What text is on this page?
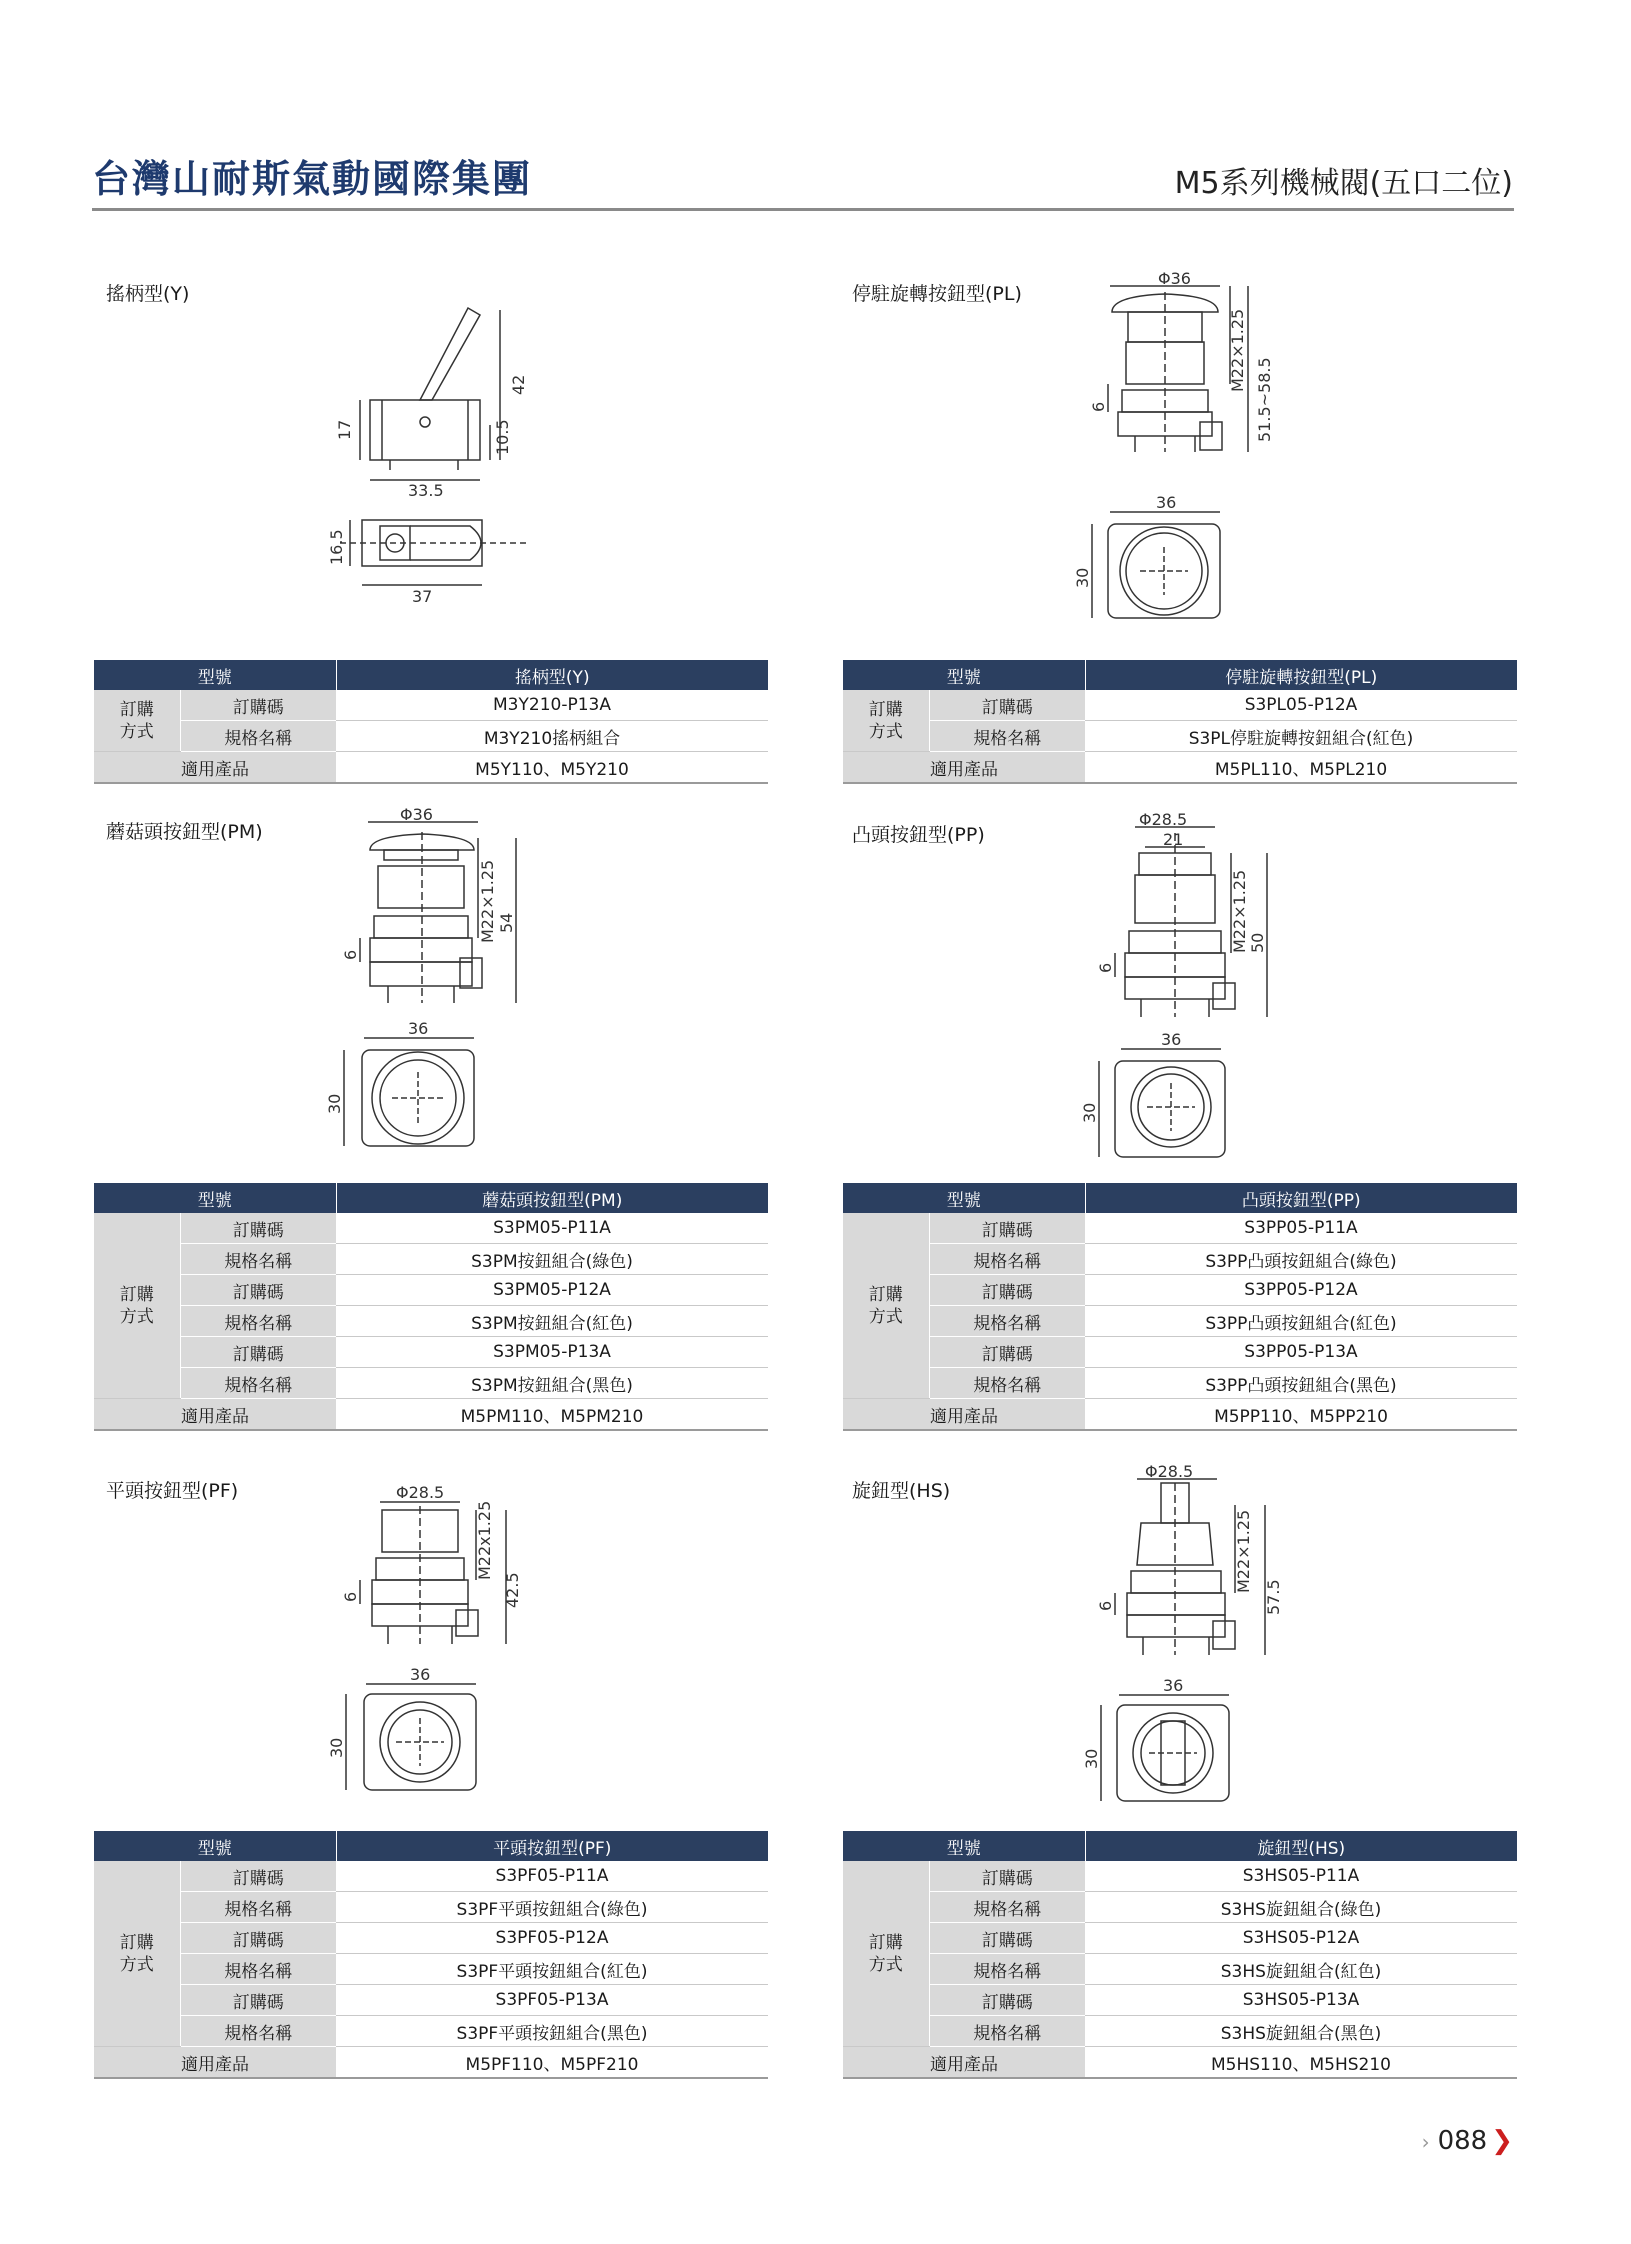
台灣山耐斯氣動國際集團	M5系列機械閥(五口二位)
搖柄型(Y)
17
42
10.5
33.5
16.5
37
型號		搖柄型(Y)
訂購
方式	訂購碼	M3Y210-P13A
	規格名稱	M3Y210搖柄組合
適用產品		M5Y110、M5Y210
停駐旋轉按鈕型(PL)
Φ36
M22×1.25
51.5~58.5
6
36
30
型號		停駐旋轉按鈕型(PL)
訂購
方式	訂購碼	S3PL05-P12A
	規格名稱	S3PL停駐旋轉按鈕組合(紅色)
適用產品		M5PL110、M5PL210
蘑菇頭按鈕型(PM)
Φ36
M22×1.25 54
6
36
30
型號		蘑菇頭按鈕型(PM)
訂購
方式	訂購碼	S3PM05-P11A
	規格名稱	S3PM按鈕組合(綠色)
	訂購碼	S3PM05-P12A
	規格名稱	S3PM按鈕組合(紅色)
	訂購碼	S3PM05-P13A
	規格名稱	S3PM按鈕組合(黑色)
適用產品		M5PM110、M5PM210
凸頭按鈕型(PP)
Φ28.5
21
M22×1.25 50
6
36
30
型號		凸頭按鈕型(PP)
訂購
方式	訂購碼	S3PP05-P11A
	規格名稱	S3PP凸頭按鈕組合(綠色)
	訂購碼	S3PP05-P12A
	規格名稱	S3PP凸頭按鈕組合(紅色)
	訂購碼	S3PP05-P13A
	規格名稱	S3PP凸頭按鈕組合(黑色)
適用產品		M5PP110、M5PP210
平頭按鈕型(PF)	Φ28.5
M22x1.25
42.5
6
36
30
型號		平頭按鈕型(PF)
訂購
方式	訂購碼	S3PF05-P11A
	規格名稱	S3PF平頭按鈕組合(綠色)
	訂購碼	S3PF05-P12A
	規格名稱	S3PF平頭按鈕組合(紅色)
	訂購碼	S3PF05-P13A
	規格名稱	S3PF平頭按鈕組合(黑色)
適用產品		M5PF110、M5PF210
旋鈕型(HS)
Φ28.5
M22×1.25
57.5
6
36
30
型號		旋鈕型(HS)
訂購
方式	訂購碼	S3HS05-P11A
	規格名稱	S3HS旋鈕組合(綠色)
	訂購碼	S3HS05-P12A
	規格名稱	S3HS旋鈕組合(紅色)
	訂購碼	S3HS05-P13A
	規格名稱	S3HS旋鈕組合(黑色)
適用產品		M5HS110、M5HS210
› 088 ❯
